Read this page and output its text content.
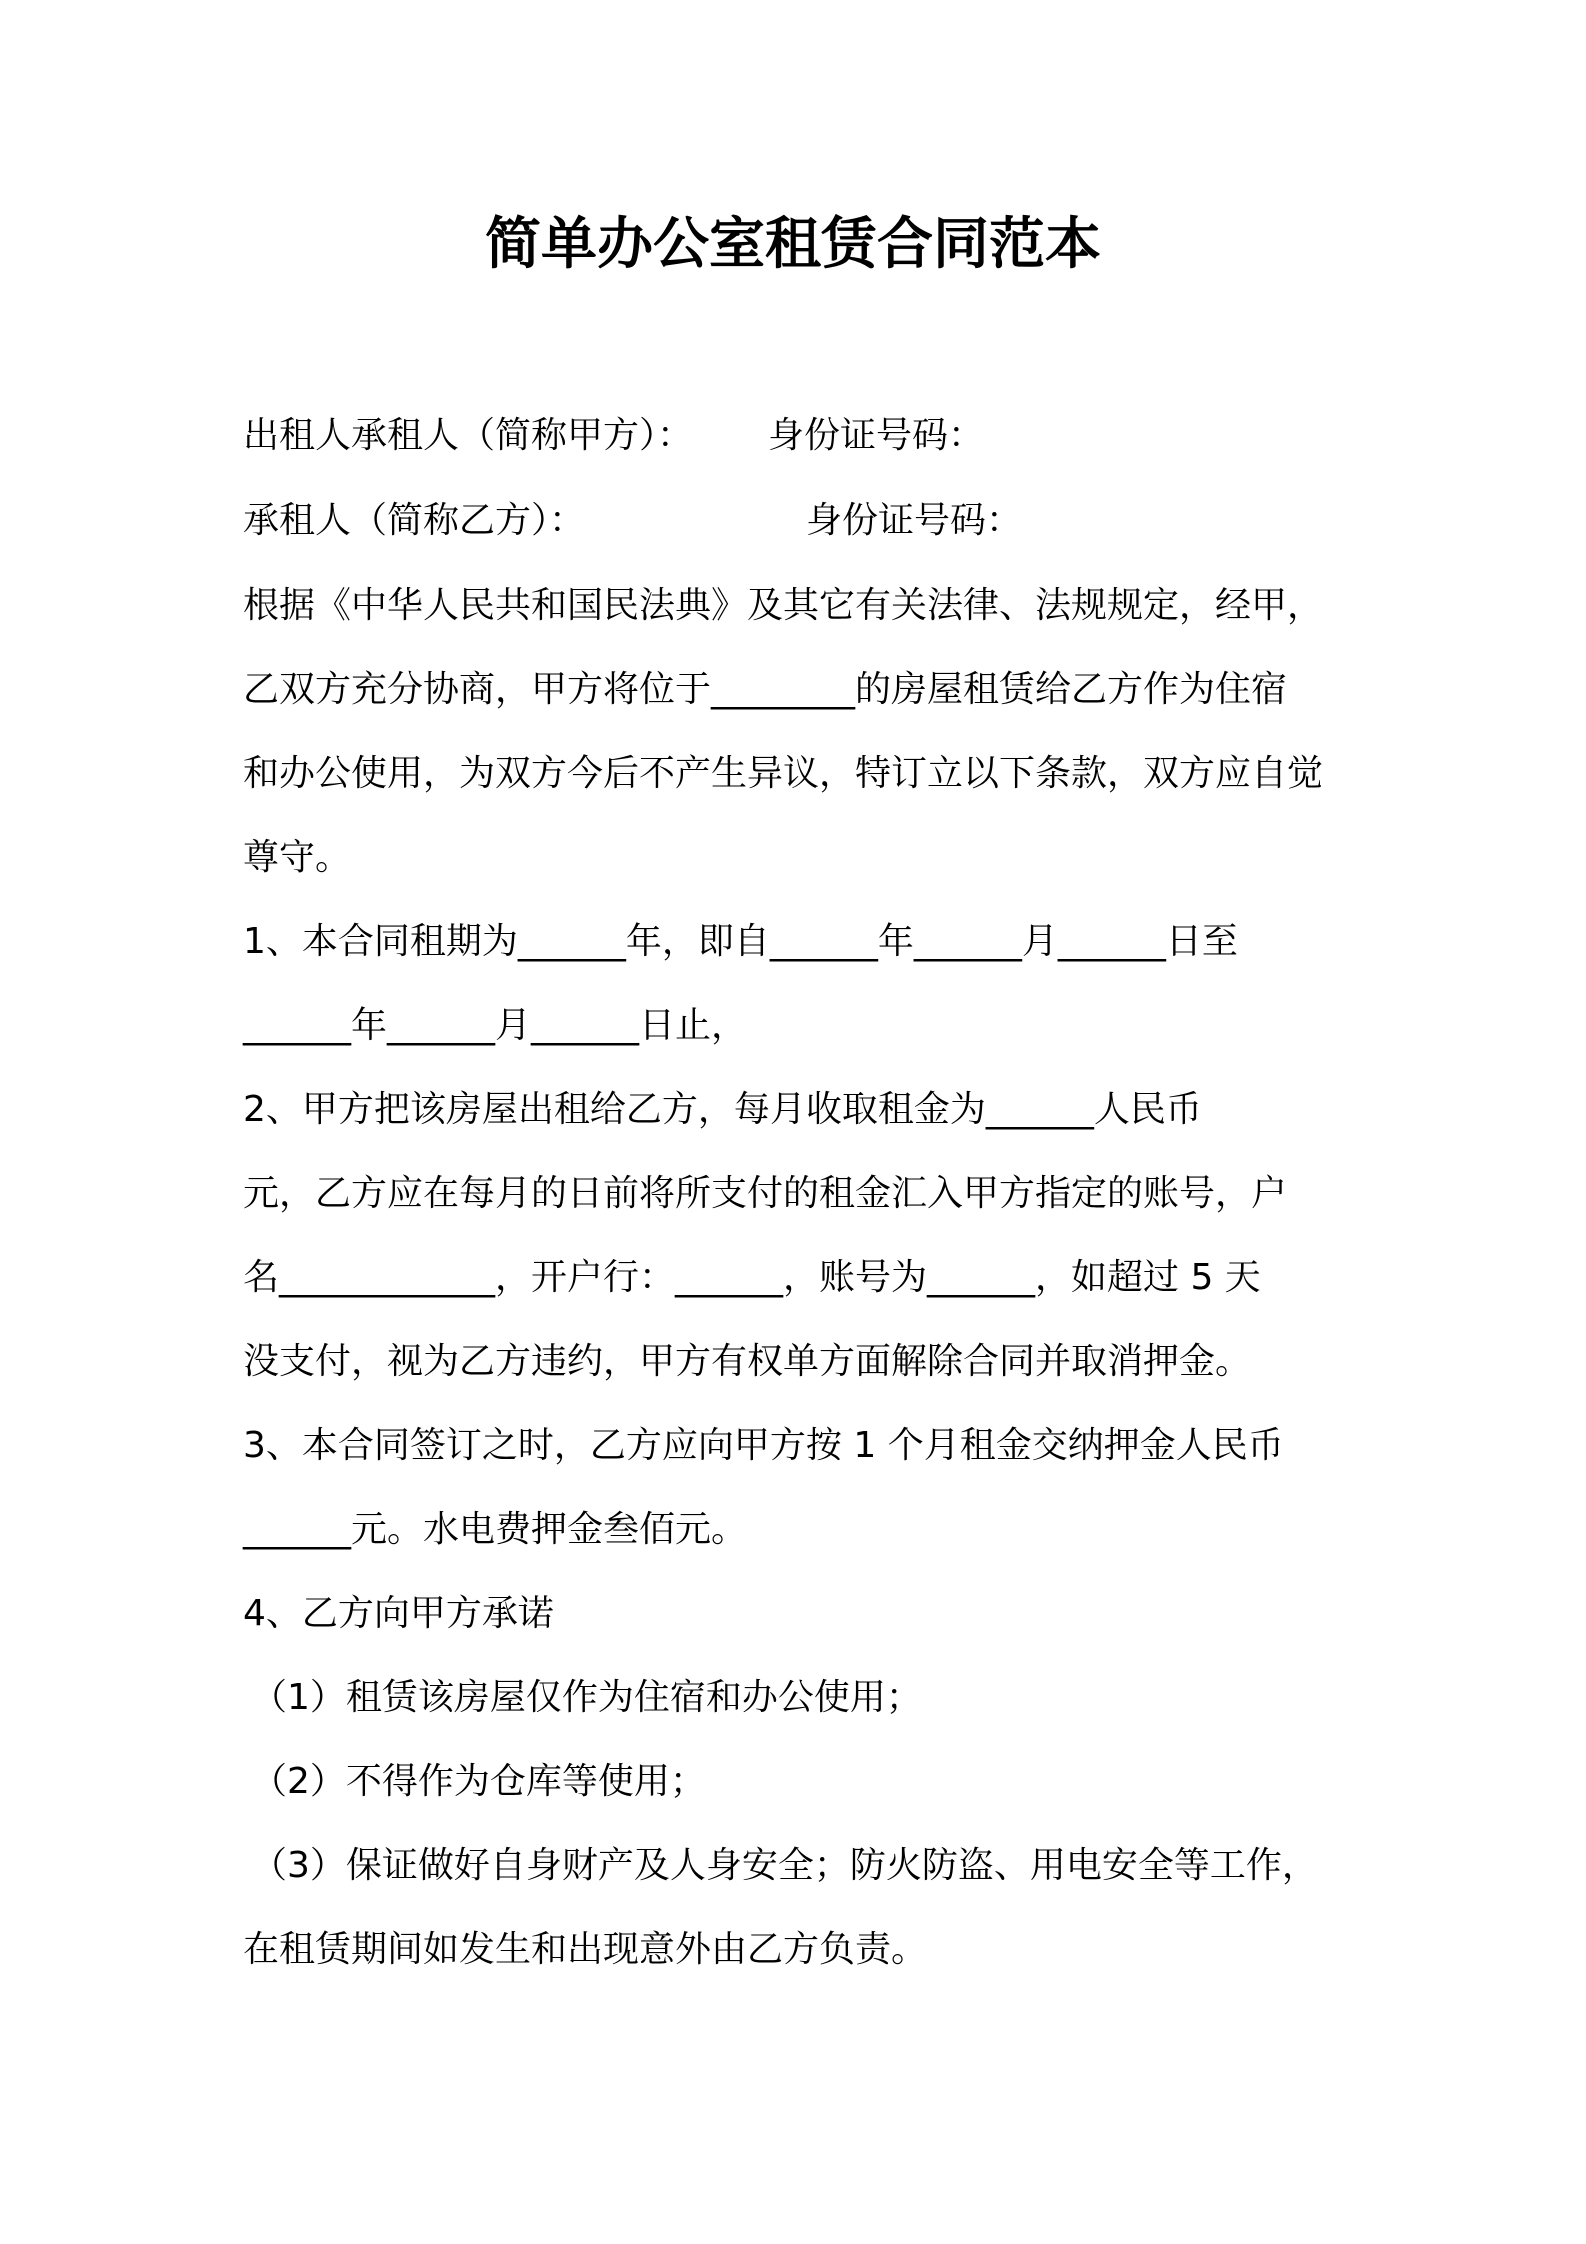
简单办公室租赁合同范本
出租人承租人（简称甲方）： 身份证号码：
承租人（简称乙方）：	身份证号码：
根据《中华人民共和国民法典》及其它有关法律、法规规定，经甲，
乙双方充分协商，甲方将位于________的房屋租赁给乙方作为住宿
和办公使用，为双方今后不产生异议，特订立以下条款，双方应自觉
尊守。
1、本合同租期为______年，即自______年______月______日至
______年______月______日止，
2、甲方把该房屋出租给乙方，每月收取租金为______人民币
元，乙方应在每月的日前将所支付的租金汇入甲方指定的账号，户
名____________，开户行：______，账号为______，如超过 5 天
没支付，视为乙方违约，甲方有权单方面解除合同并取消押金。
3、本合同签订之时，乙方应向甲方按 1 个月租金交纳押金人民币
______元。水电费押金叁佰元。
4、乙方向甲方承诺
（1）租赁该房屋仅作为住宿和办公使用；
（2）不得作为仓库等使用；
（3）保证做好自身财产及人身安全；防火防盗、用电安全等工作，
在租赁期间如发生和出现意外由乙方负责。
